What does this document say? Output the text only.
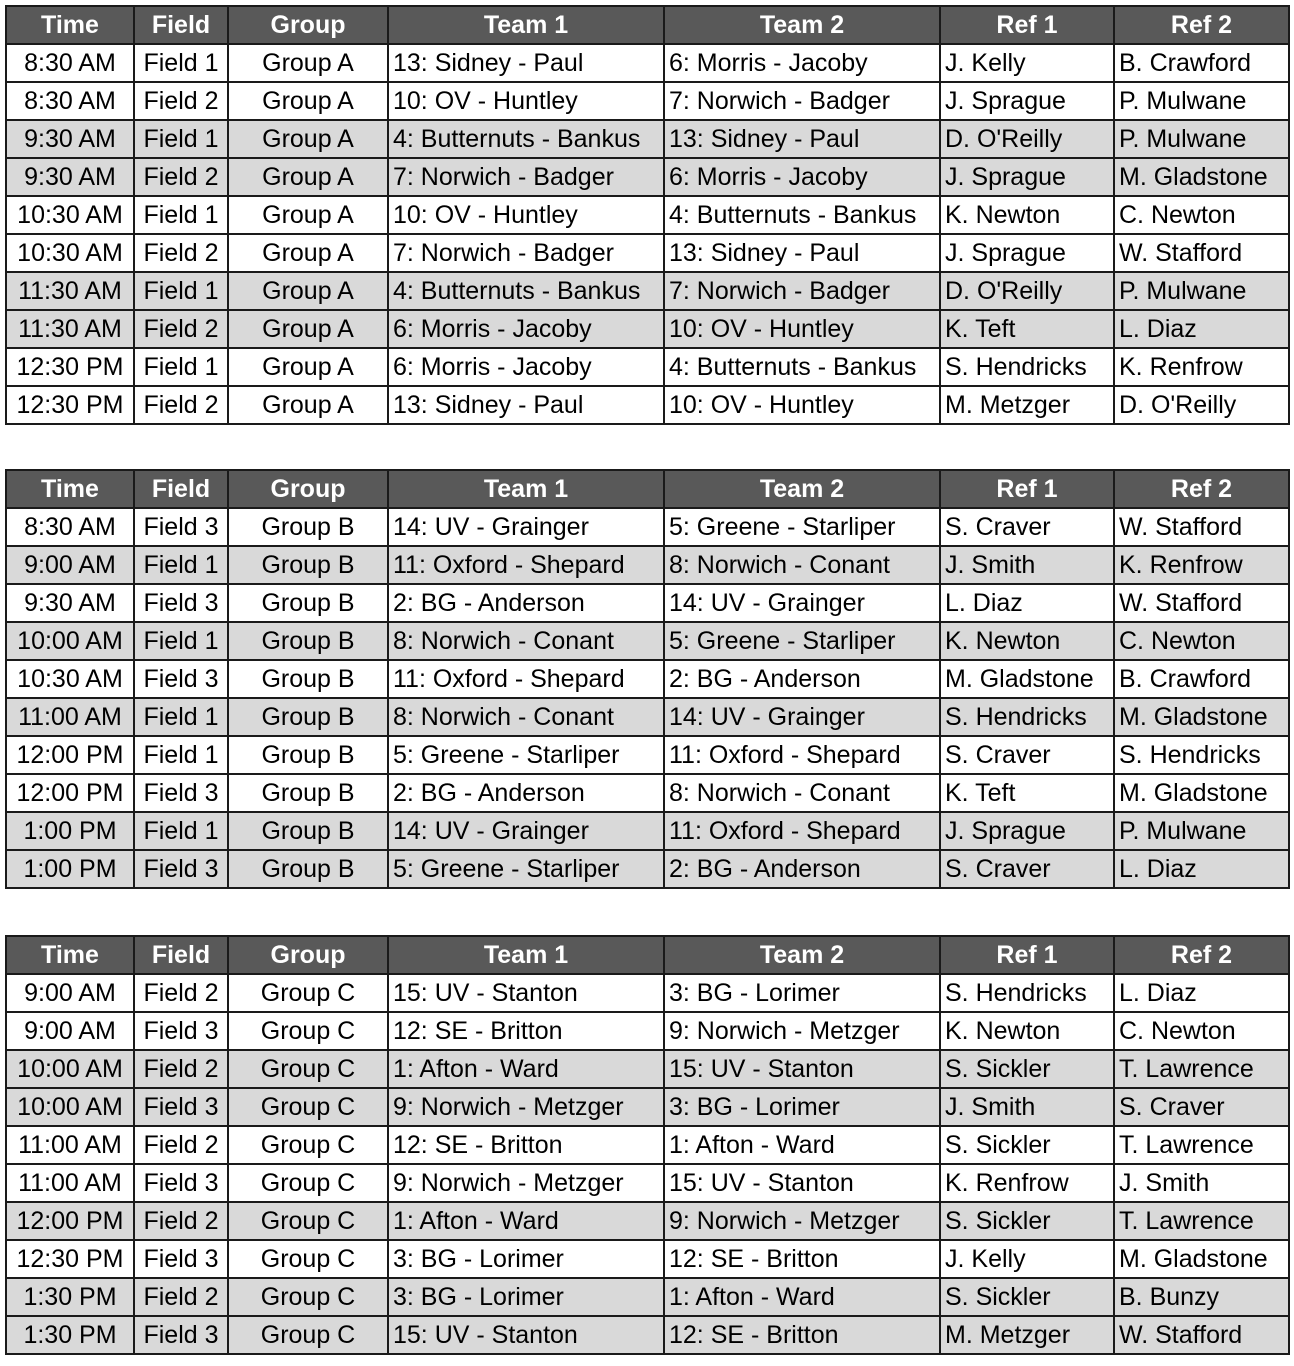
Time	Field	Group	Team 1	Team 2	Ref 1	Ref 2
8:30 AM	Field 1	Group A	13: Sidney - Paul	6: Morris - Jacoby	J. Kelly	B. Crawford
8:30 AM	Field 2	Group A	10: OV - Huntley	7: Norwich - Badger	J. Sprague	P. Mulwane
9:30 AM	Field 1	Group A	4: Butternuts - Bankus	13: Sidney - Paul	D. O'Reilly	P. Mulwane
9:30 AM	Field 2	Group A	7: Norwich - Badger	6: Morris - Jacoby	J. Sprague	M. Gladstone
10:30 AM	Field 1	Group A	10: OV - Huntley	4: Butternuts - Bankus	K. Newton	C. Newton
10:30 AM	Field 2	Group A	7: Norwich - Badger	13: Sidney - Paul	J. Sprague	W. Stafford
11:30 AM	Field 1	Group A	4: Butternuts - Bankus	7: Norwich - Badger	D. O'Reilly	P. Mulwane
11:30 AM	Field 2	Group A	6: Morris - Jacoby	10: OV - Huntley	K. Teft	L. Diaz
12:30 PM	Field 1	Group A	6: Morris - Jacoby	4: Butternuts - Bankus	S. Hendricks	K. Renfrow
12:30 PM	Field 2	Group A	13: Sidney - Paul	10: OV - Huntley	M. Metzger	D. O'Reilly
Time	Field	Group	Team 1	Team 2	Ref 1	Ref 2
8:30 AM	Field 3	Group B	14: UV - Grainger	5: Greene - Starliper	S. Craver	W. Stafford
9:00 AM	Field 1	Group B	11: Oxford - Shepard	8: Norwich - Conant	J. Smith	K. Renfrow
9:30 AM	Field 3	Group B	2: BG - Anderson	14: UV - Grainger	L. Diaz	W. Stafford
10:00 AM	Field 1	Group B	8: Norwich - Conant	5: Greene - Starliper	K. Newton	C. Newton
10:30 AM	Field 3	Group B	11: Oxford - Shepard	2: BG - Anderson	M. Gladstone	B. Crawford
11:00 AM	Field 1	Group B	8: Norwich - Conant	14: UV - Grainger	S. Hendricks	M. Gladstone
12:00 PM	Field 1	Group B	5: Greene - Starliper	11: Oxford - Shepard	S. Craver	S. Hendricks
12:00 PM	Field 3	Group B	2: BG - Anderson	8: Norwich - Conant	K. Teft	M. Gladstone
1:00 PM	Field 1	Group B	14: UV - Grainger	11: Oxford - Shepard	J. Sprague	P. Mulwane
1:00 PM	Field 3	Group B	5: Greene - Starliper	2: BG - Anderson	S. Craver	L. Diaz
Time	Field	Group	Team 1	Team 2	Ref 1	Ref 2
9:00 AM	Field 2	Group C	15: UV - Stanton	3: BG - Lorimer	S. Hendricks	L. Diaz
9:00 AM	Field 3	Group C	12: SE - Britton	9: Norwich - Metzger	K. Newton	C. Newton
10:00 AM	Field 2	Group C	1: Afton - Ward	15: UV - Stanton	S. Sickler	T. Lawrence
10:00 AM	Field 3	Group C	9: Norwich - Metzger	3: BG - Lorimer	J. Smith	S. Craver
11:00 AM	Field 2	Group C	12: SE - Britton	1: Afton - Ward	S. Sickler	T. Lawrence
11:00 AM	Field 3	Group C	9: Norwich - Metzger	15: UV - Stanton	K. Renfrow	J. Smith
12:00 PM	Field 2	Group C	1: Afton - Ward	9: Norwich - Metzger	S. Sickler	T. Lawrence
12:30 PM	Field 3	Group C	3: BG - Lorimer	12: SE - Britton	J. Kelly	M. Gladstone
1:30 PM	Field 2	Group C	3: BG - Lorimer	1: Afton - Ward	S. Sickler	B. Bunzy
1:30 PM	Field 3	Group C	15: UV - Stanton	12: SE - Britton	M. Metzger	W. Stafford
